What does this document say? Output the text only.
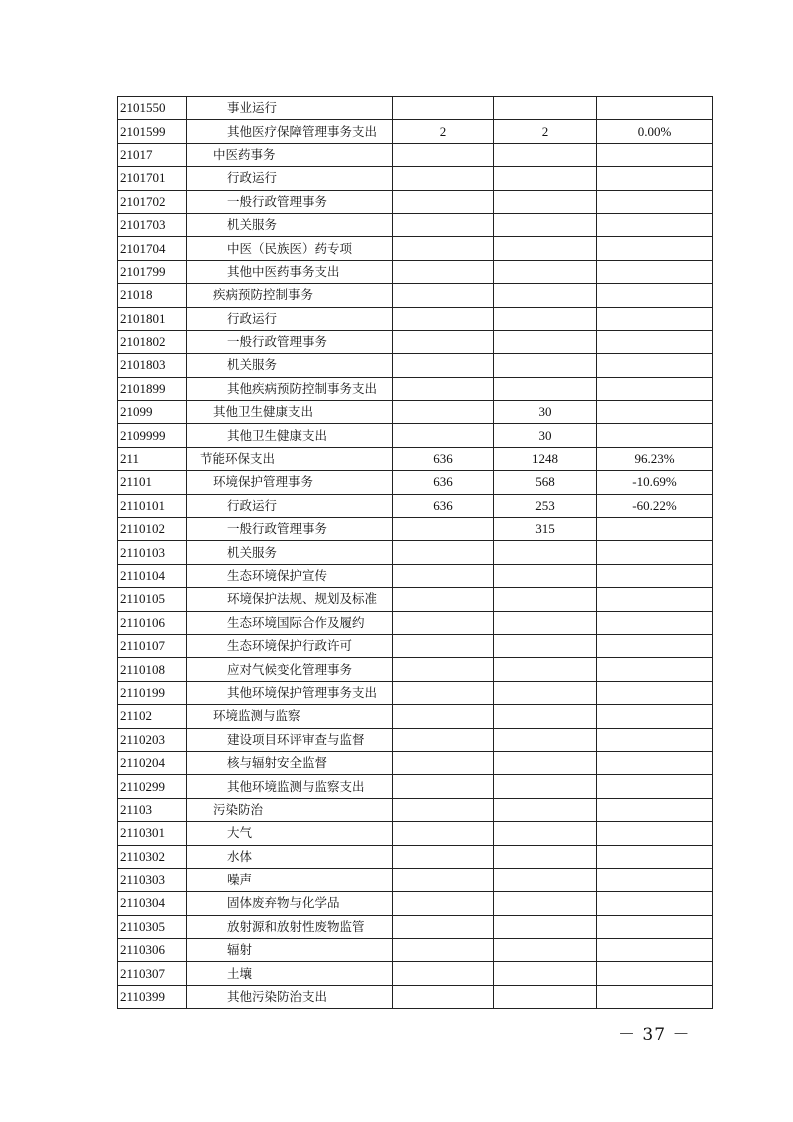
2101550	事业运行			
2101599	其他医疗保障管理事务支出	2	2	0.00%
21017	中医药事务			
2101701	行政运行			
2101702	一般行政管理事务			
2101703	机关服务			
2101704	中医（民族医）药专项			
2101799	其他中医药事务支出			
21018	疾病预防控制事务			
2101801	行政运行			
2101802	一般行政管理事务			
2101803	机关服务			
2101899	其他疾病预防控制事务支出			
21099	其他卫生健康支出		30	
2109999	其他卫生健康支出		30	
211	节能环保支出	636	1248	96.23%
21101	环境保护管理事务	636	568	-10.69%
2110101	行政运行	636	253	-60.22%
2110102	一般行政管理事务		315	
2110103	机关服务			
2110104	生态环境保护宣传			
2110105	环境保护法规、规划及标准			
2110106	生态环境国际合作及履约			
2110107	生态环境保护行政许可			
2110108	应对气候变化管理事务			
2110199	其他环境保护管理事务支出			
21102	环境监测与监察			
2110203	建设项目环评审查与监督			
2110204	核与辐射安全监督			
2110299	其他环境监测与监察支出			
21103	污染防治			
2110301	大气			
2110302	水体			
2110303	噪声			
2110304	固体废弃物与化学品			
2110305	放射源和放射性废物监管			
2110306	辐射			
2110307	土壤			
2110399	其他污染防治支出			
－ 37 －
